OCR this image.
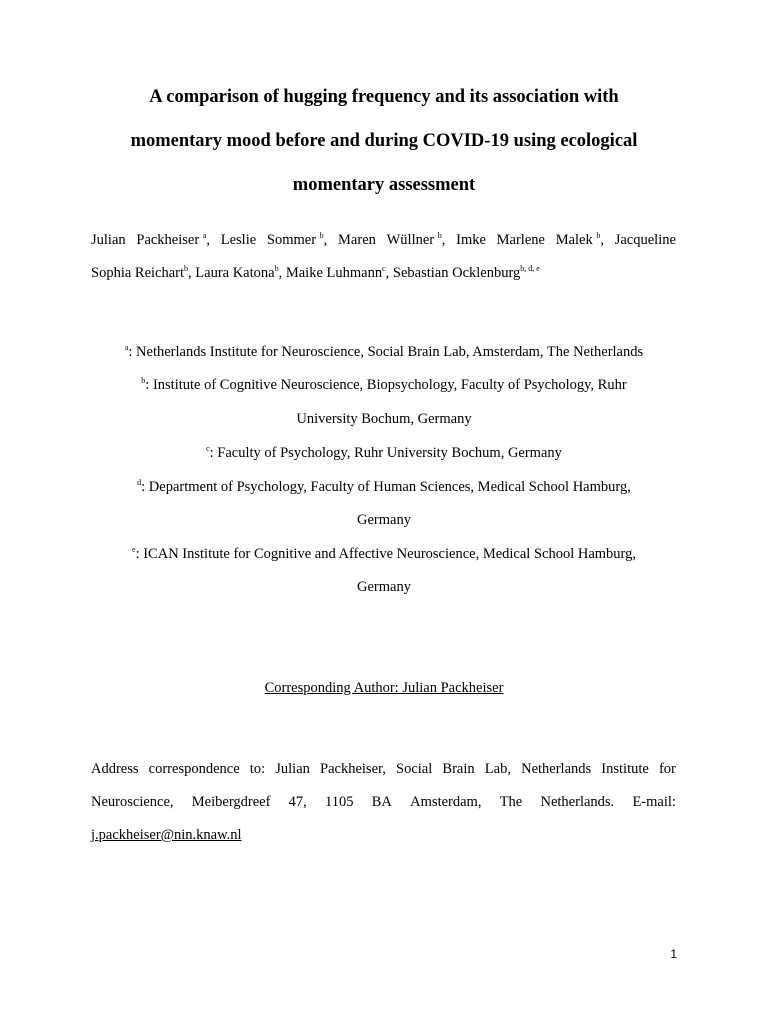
A comparison of hugging frequency and its association with
momentary mood before and during COVID-19 using ecological
momentary assessment
Julian Packheiser $^a$, Leslie Sommer $^b$, Maren Wüllner $^b$, Imke Marlene Malek $^b$, Jacqueline
Sophia Reichart$^b$, Laura Katona$^b$, Maike Luhmann$^c$, Sebastian Ocklenburg$^{b, d, e}$
$^a$: Netherlands Institute for Neuroscience, Social Brain Lab, Amsterdam, The Netherlands
$^b$: Institute of Cognitive Neuroscience, Biopsychology, Faculty of Psychology, Ruhr
University Bochum, Germany
$^c$: Faculty of Psychology, Ruhr University Bochum, Germany
$^d$: Department of Psychology, Faculty of Human Sciences, Medical School Hamburg,
Germany
$^e$: ICAN Institute for Cognitive and Affective Neuroscience, Medical School Hamburg,
Germany
Corresponding Author: Julian Packheiser
Address correspondence to: Julian Packheiser, Social Brain Lab, Netherlands Institute for
Neuroscience, Meibergdreef 47, 1105 BA Amsterdam, The Netherlands. E-mail:
j.packheiser@nin.knaw.nl
1
